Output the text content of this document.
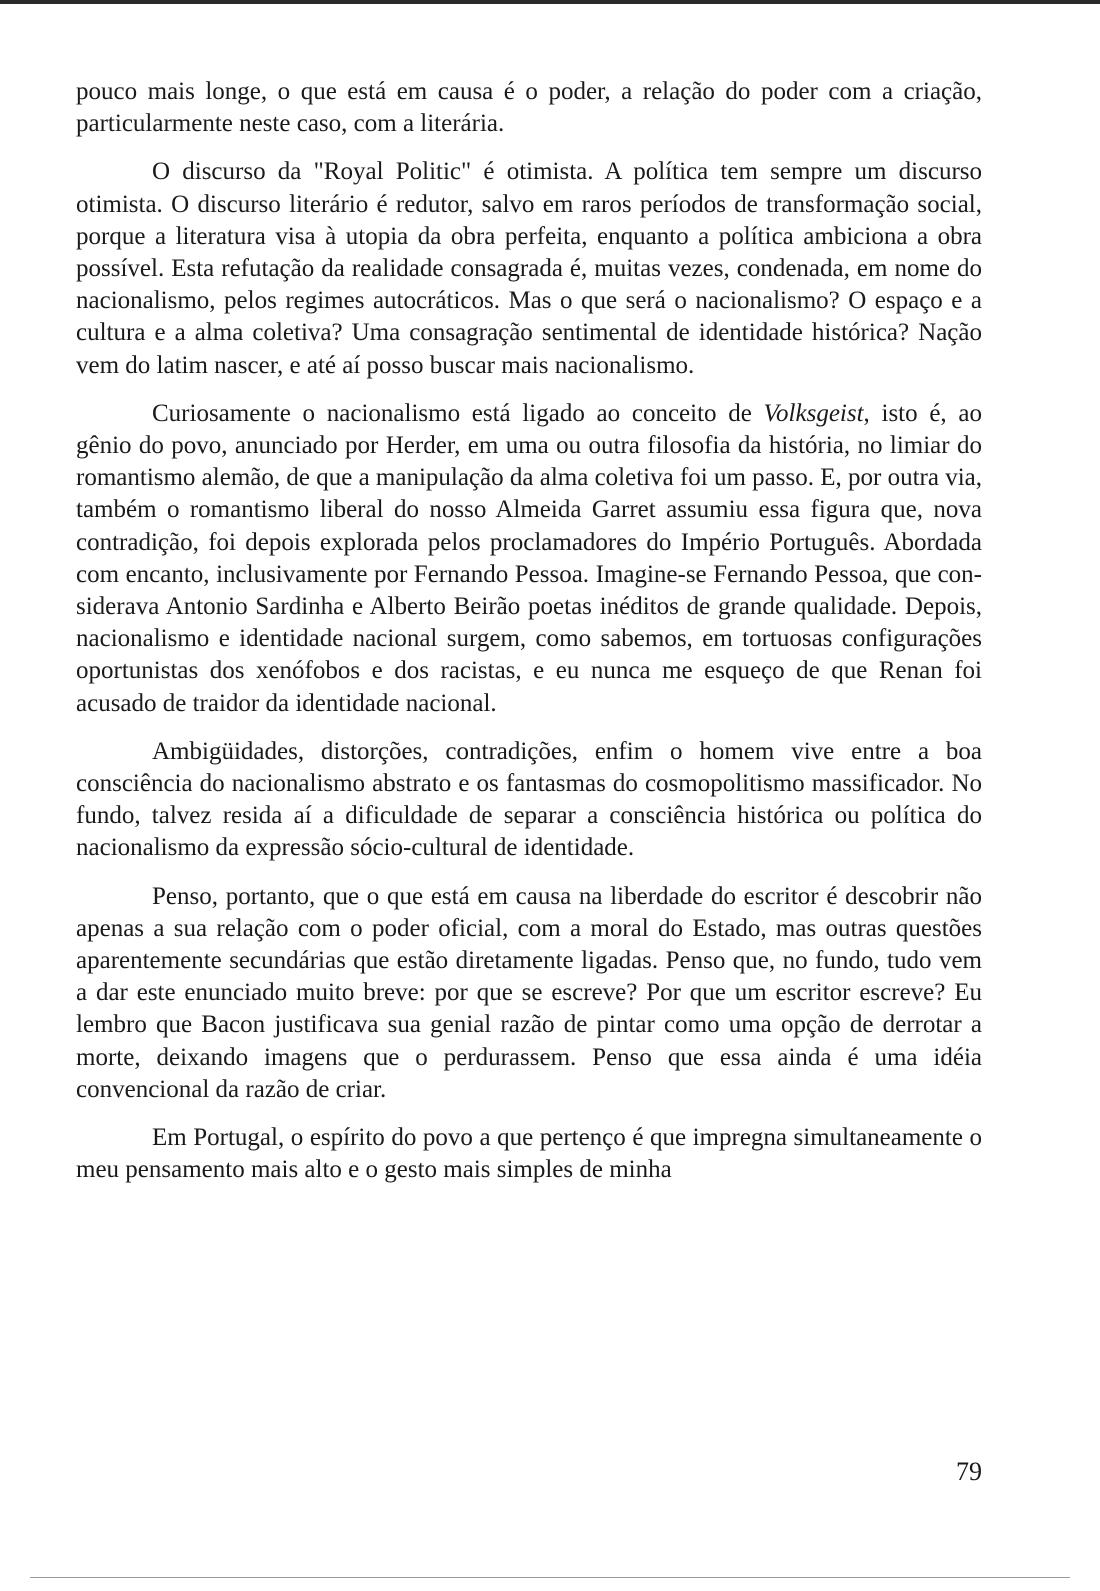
pouco mais longe, o que está em causa é o poder, a relação do poder com a criação, particularmente neste caso, com a literária.

O discurso da "Royal Politic" é otimista. A política tem sempre um discurso otimista. O discurso literário é redutor, salvo em raros períodos de transformação social, porque a literatura visa à utopia da obra perfeita, enquanto a política ambiciona a obra possível. Esta refutação da realidade consagrada é, muitas vezes, condenada, em nome do nacionalismo, pelos regimes autocráticos. Mas o que será o nacionalismo? O espaço e a cultura e a alma coletiva? Uma consagração sentimental de identidade histórica? Nação vem do latim nascer, e até aí posso buscar mais nacionalismo.

Curiosamente o nacionalismo está ligado ao conceito de Volksgeist, isto é, ao gênio do povo, anunciado por Herder, em uma ou outra filosofia da história, no limiar do romantismo alemão, de que a manipulação da alma coletiva foi um passo. E, por outra via, também o romantismo liberal do nosso Almeida Garret assumiu essa figura que, nova contradição, foi depois explorada pelos proclamadores do Império Português. Abordada com encanto, inclusivamente por Fernando Pessoa. Imagine-se Fernando Pessoa, que considerava Antonio Sardinha e Alberto Beirão poetas inéditos de grande qualidade. Depois, nacionalismo e identidade nacional surgem, como sabemos, em tortuosas configurações oportunistas dos xenófobos e dos racistas, e eu nunca me esqueço de que Renan foi acusado de traidor da identidade nacional.

Ambigüidades, distorções, contradições, enfim o homem vive entre a boa consciência do nacionalismo abstrato e os fantasmas do cosmopolitismo massificador. No fundo, talvez resida aí a dificuldade de separar a consciência histórica ou política do nacionalismo da expressão sócio-cultural de identidade.

Penso, portanto, que o que está em causa na liberdade do escritor é descobrir não apenas a sua relação com o poder oficial, com a moral do Estado, mas outras questões aparentemente secundárias que estão diretamente ligadas. Penso que, no fundo, tudo vem a dar este enunciado muito breve: por que se escreve? Por que um escritor escreve? Eu lembro que Bacon justificava sua genial razão de pintar como uma opção de derrotar a morte, deixando imagens que o perdurassem. Penso que essa ainda é uma idéia convencional da razão de criar.

Em Portugal, o espírito do povo a que pertenço é que impregna simultaneamente o meu pensamento mais alto e o gesto mais simples de minha

79
